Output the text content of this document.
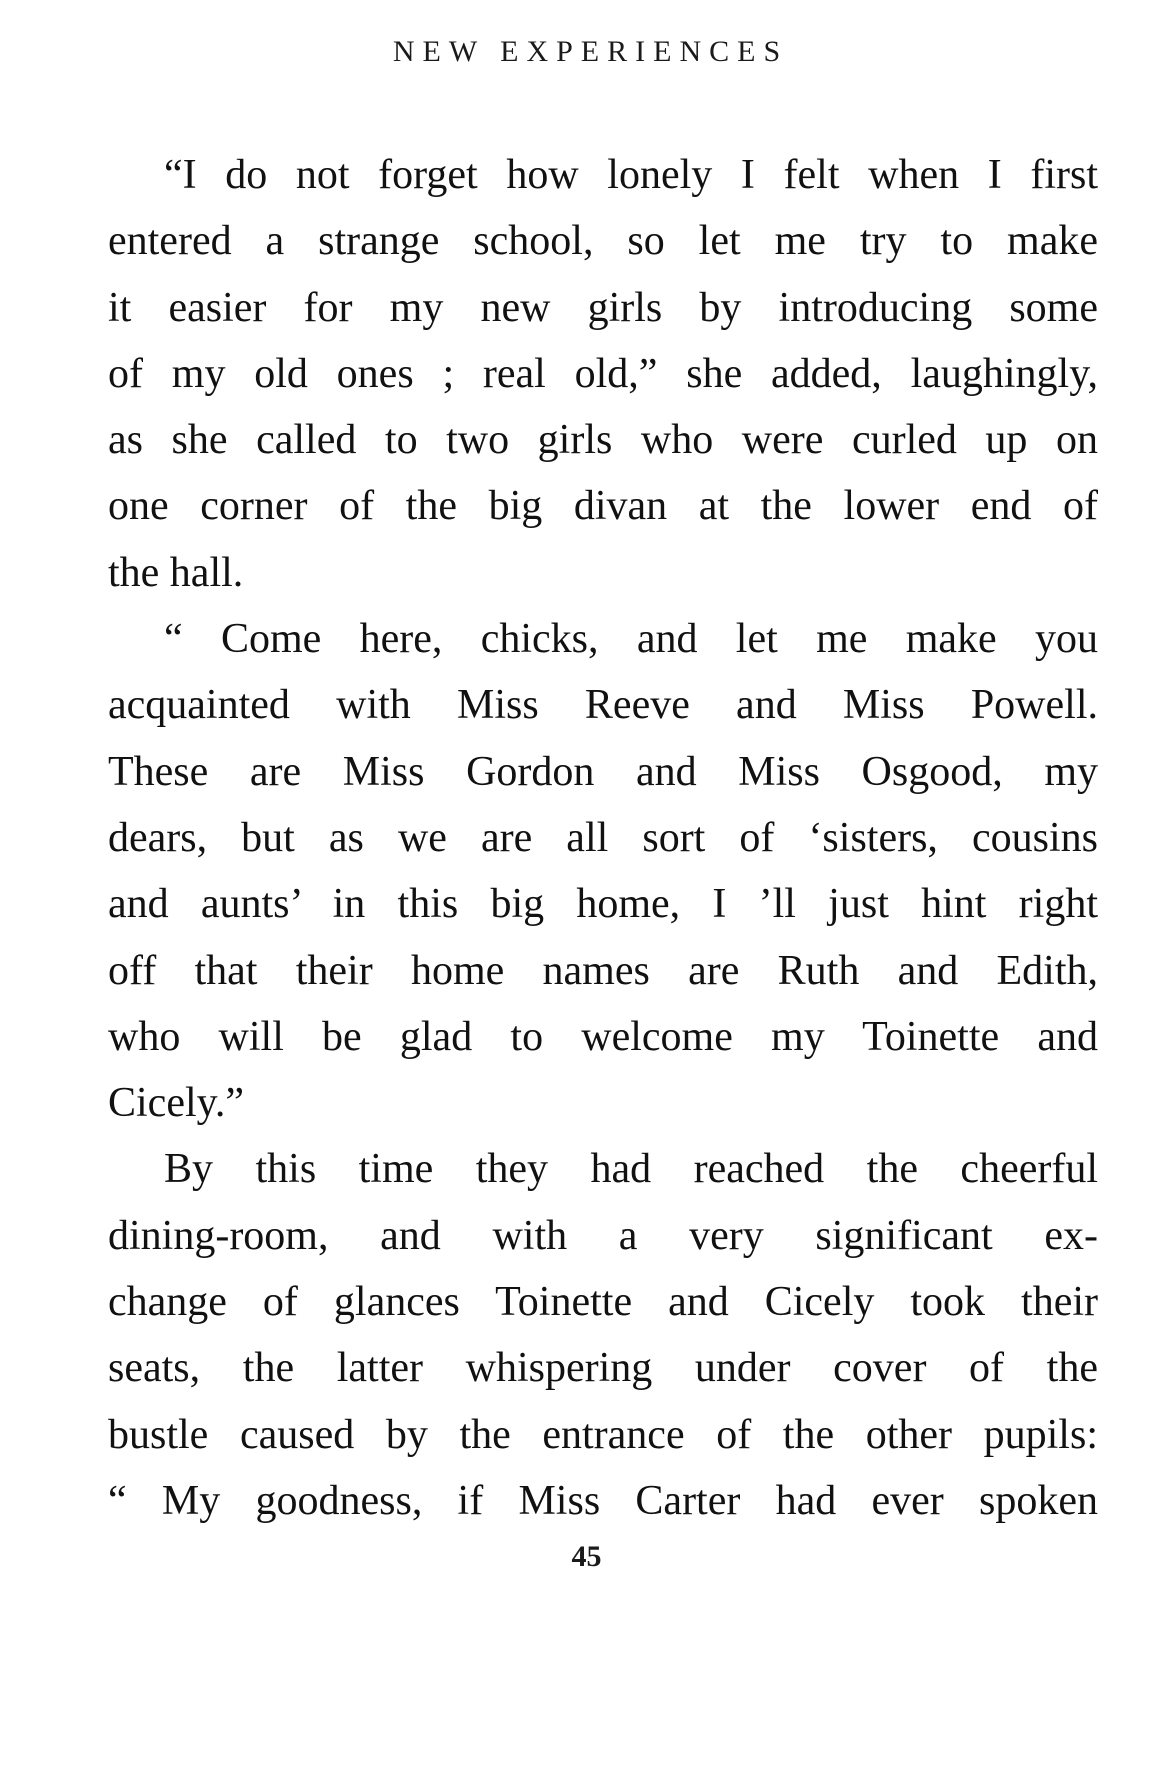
NEW EXPERIENCES
“I do not forget how lonely I felt when I first
entered a strange school, so let me try to make
it easier for my new girls by introducing some
of my old ones ; real old,” she added, laughingly,
as she called to two girls who were curled up on
one corner of the big divan at the lower end of
the hall.
“ Come here, chicks, and let me make you
acquainted with Miss Reeve and Miss Powell.
These are Miss Gordon and Miss Osgood, my
dears, but as we are all sort of ‘sisters, cousins
and aunts’ in this big home, I ’ll just hint right
off that their home names are Ruth and Edith,
who will be glad to welcome my Toinette and
Cicely.”
By this time they had reached the cheerful
dining-room, and with a very significant ex-
change of glances Toinette and Cicely took their
seats, the latter whispering under cover of the
bustle caused by the entrance of the other pupils:
“ My goodness, if Miss Carter had ever spoken
45
